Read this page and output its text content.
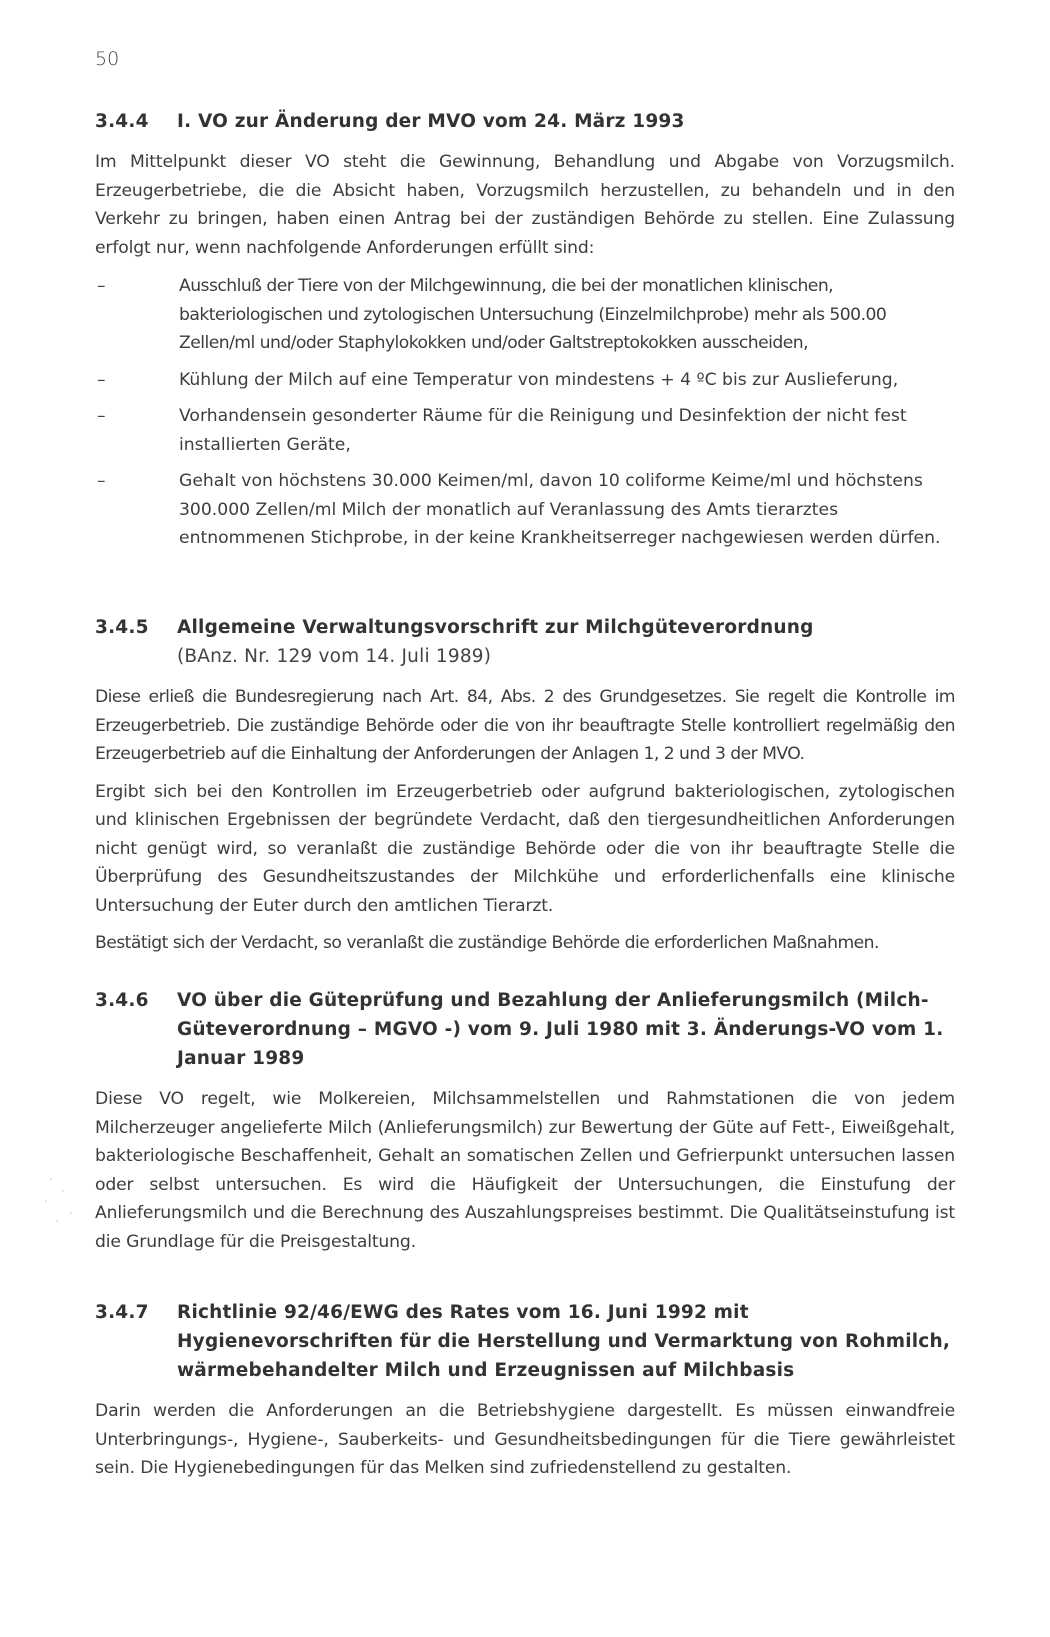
50
3.4.4	I. VO zur Änderung der MVO vom 24. März 1993

Im Mittelpunkt dieser VO steht die Gewinnung, Behandlung und Abgabe von Vorzugsmilch. Erzeugerbetriebe, die die Absicht haben, Vorzugsmilch herzustellen, zu behandeln und in den Verkehr zu bringen, haben einen Antrag bei der zuständigen Behörde zu stellen. Eine Zulassung erfolgt nur, wenn nachfolgende Anforderungen erfüllt sind:

–	Ausschluß der Tiere von der Milchgewinnung, die bei der monatlichen klinischen, bakteriologischen und zytologischen Untersuchung (Einzelmilchprobe) mehr als 500.00 Zellen/ml und/oder Staphylokokken und/oder Galtstreptokokken ausscheiden,
–	Kühlung der Milch auf eine Temperatur von mindestens + 4 ºC bis zur Auslieferung,
–	Vorhandensein gesonderter Räume für die Reinigung und Desinfektion der nicht fest installierten Geräte,
–	Gehalt von höchstens 30.000 Keimen/ml, davon 10 coliforme Keime/ml und höchstens 300.000 Zellen/ml Milch der monatlich auf Veranlassung des Amts tierarztes entnommenen Stichprobe, in der keine Krankheitserreger nachgewiesen werden dürfen.
3.4.5	Allgemeine Verwaltungsvorschrift zur Milchgüteverordnung
(BAnz. Nr. 129 vom 14. Juli 1989)

Diese erließ die Bundesregierung nach Art. 84, Abs. 2 des Grundgesetzes. Sie regelt die Kontrolle im Erzeugerbetrieb. Die zuständige Behörde oder die von ihr beauftragte Stelle kontrolliert regelmäßig den Erzeugerbetrieb auf die Einhaltung der Anforderungen der Anlagen 1, 2 und 3 der MVO.

Ergibt sich bei den Kontrollen im Erzeugerbetrieb oder aufgrund bakteriologischen, zytologischen und klinischen Ergebnissen der begründete Verdacht, daß den tiergesundheitlichen Anforderungen nicht genügt wird, so veranlaßt die zuständige Behörde oder die von ihr beauftragte Stelle die Überprüfung des Gesundheitszustandes der Milchkühe und erforderlichenfalls eine klinische Untersuchung der Euter durch den amtlichen Tierarzt.

Bestätigt sich der Verdacht, so veranlaßt die zuständige Behörde die erforderlichen Maßnahmen.

3.4.6	VO über die Güteprüfung und Bezahlung der Anlieferungsmilch (Milch-Güteverordnung – MGVO -) vom 9. Juli 1980 mit 3. Änderungs-VO vom 1. Januar 1989

Diese VO regelt, wie Molkereien, Milchsammelstellen und Rahmstationen die von jedem Milcherzeuger angelieferte Milch (Anlieferungsmilch) zur Bewertung der Güte auf Fett-, Eiweißgehalt, bakteriologische Beschaffenheit, Gehalt an somatischen Zellen und Gefrierpunkt untersuchen lassen oder selbst untersuchen. Es wird die Häufigkeit der Untersuchungen, die Einstufung der Anlieferungsmilch und die Berechnung des Auszahlungspreises bestimmt. Die Qualitätseinstufung ist die Grundlage für die Preisgestaltung.

3.4.7	Richtlinie 92/46/EWG des Rates vom 16. Juni 1992 mit Hygienevorschriften für die Herstellung und Vermarktung von Rohmilch, wärmebehandelter Milch und Erzeugnissen auf Milchbasis

Darin werden die Anforderungen an die Betriebshygiene dargestellt. Es müssen einwandfreie Unterbringungs-, Hygiene-, Sauberkeits- und Gesundheitsbedingungen für die Tiere gewährleistet sein. Die Hygienebedingungen für das Melken sind zufriedenstellend zu gestalten.
